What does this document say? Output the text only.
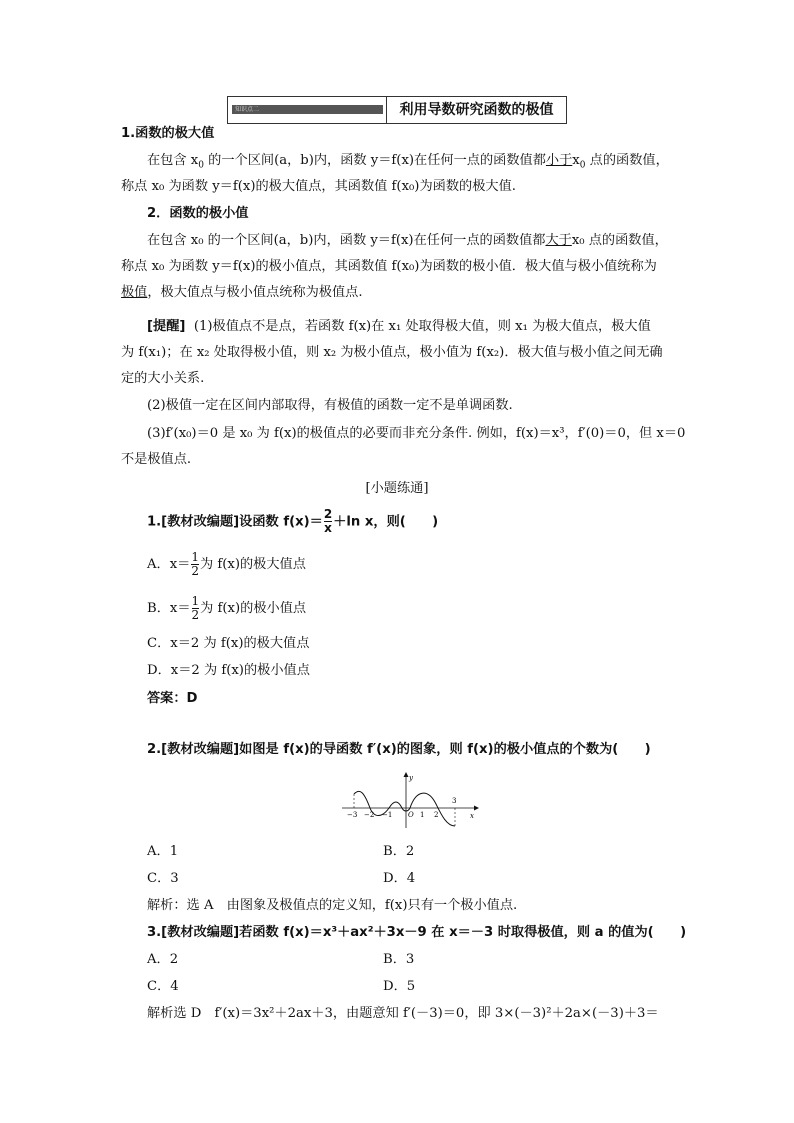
知识点二	利用导数研究函数的极值
1.函数的极大值
在包含 $x_0$ 的一个区间(a，b)内，函数 y＝f(x)在任何一点的函数值都小于$x_0$ 点的函数值，
称点 x₀ 为函数 y＝f(x)的极大值点，其函数值 f(x₀)为函数的极大值.
2．函数的极小值
在包含 x₀ 的一个区间(a，b)内，函数 y＝f(x)在任何一点的函数值都大于x₀ 点的函数值，
称点 x₀ 为函数 y＝f(x)的极小值点，其函数值 f(x₀)为函数的极小值．极大值与极小值统称为
极值，极大值点与极小值点统称为极值点.
[提醒] (1)极值点不是点，若函数 f(x)在 x₁ 处取得极大值，则 x₁ 为极大值点，极大值
为 f(x₁)；在 x₂ 处取得极小值，则 x₂ 为极小值点，极小值为 f(x₂)．极大值与极小值之间无确
定的大小关系.
(2)极值一定在区间内部取得，有极值的函数一定不是单调函数.
(3)f′(x₀)＝0 是 x₀ 为 f(x)的极值点的必要而非充分条件. 例如，f(x)＝x³，f′(0)＝0，但 x＝0
不是极值点.
[小题练通]
1.[教材改编题]设函数 $f(x)= \frac{2}{x} +\ln$ x，则(　　)
A．$x= \frac{1}{2}$ 为 f(x)的极大值点
B．$x= \frac{1}{2}$ 为 f(x)的极小值点
C．x＝2 为 f(x)的极大值点
D．x＝2 为 f(x)的极小值点
答案：D
2.[教材改编题]如图是 f(x)的导函数 f′(x)的图象，则 f(x)的极小值点的个数为(　　)
y
x
−3 −2 −1 O 1 2
3
A．1	B．2
C．3	D．4
解析：选 A　由图象及极值点的定义知，f(x)只有一个极小值点.
3.[教材改编题]若函数 f(x)＝x³＋ax²＋3x－9 在 x＝－3 时取得极值，则 a 的值为(　　)
A．2	B．3
C．4	D．5
解析选 D　f′(x)＝3x²＋2ax＋3，由题意知 f′(－3)＝0，即 3×(－3)²＋2a×(－3)＋3＝
